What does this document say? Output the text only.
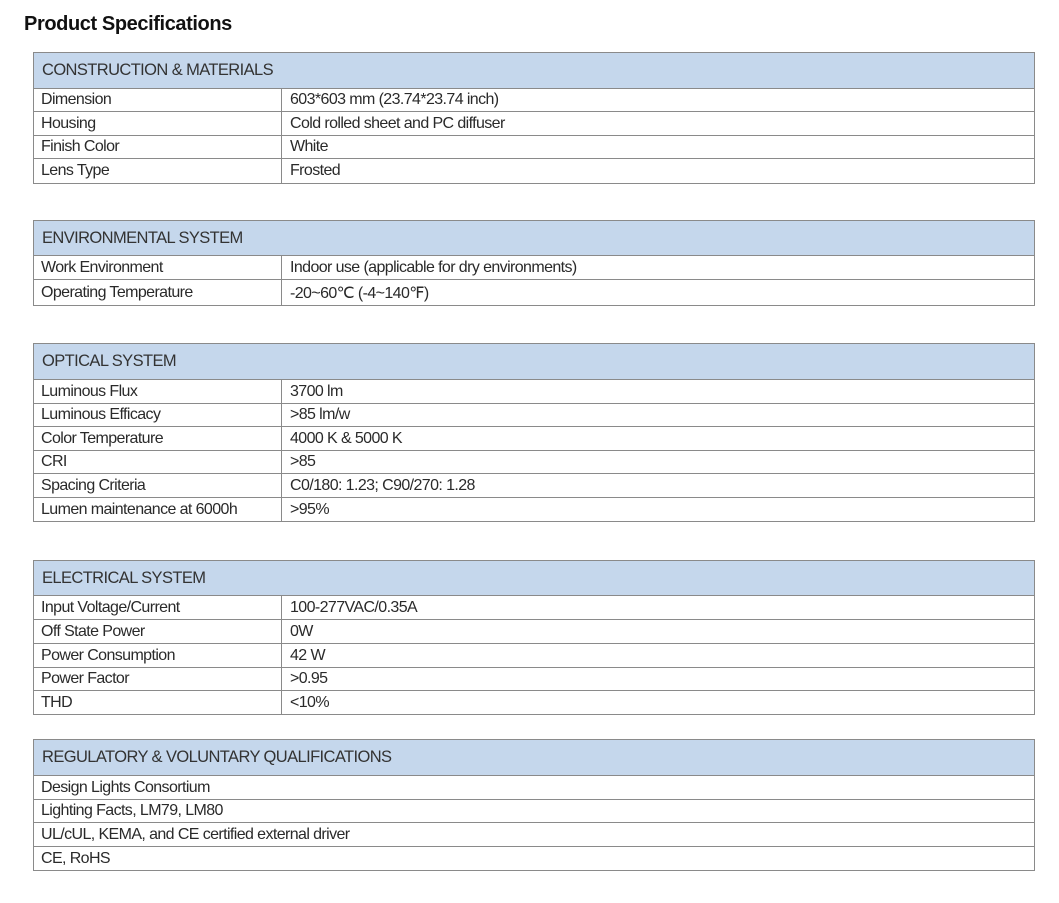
Product Specifications
CONSTRUCTION & MATERIALS
Dimension	603*603 mm (23.74*23.74 inch)
Housing	Cold rolled sheet and PC diffuser
Finish Color	White
Lens Type	Frosted
ENVIRONMENTAL SYSTEM
Work Environment	Indoor use (applicable for dry environments)
Operating Temperature	-20~60℃ (-4~140℉)
OPTICAL SYSTEM
Luminous Flux	3700 lm
Luminous Efficacy	>85 lm/w
Color Temperature	4000 K & 5000 K
CRI	>85
Spacing Criteria	C0/180: 1.23; C90/270: 1.28
Lumen maintenance at 6000h	>95%
ELECTRICAL SYSTEM
Input Voltage/Current	100-277VAC/0.35A
Off State Power	0W
Power Consumption	42 W
Power Factor	>0.95
THD	<10%
REGULATORY & VOLUNTARY QUALIFICATIONS
Design Lights Consortium
Lighting Facts, LM79, LM80
UL/cUL, KEMA, and CE certified external driver
CE, RoHS
